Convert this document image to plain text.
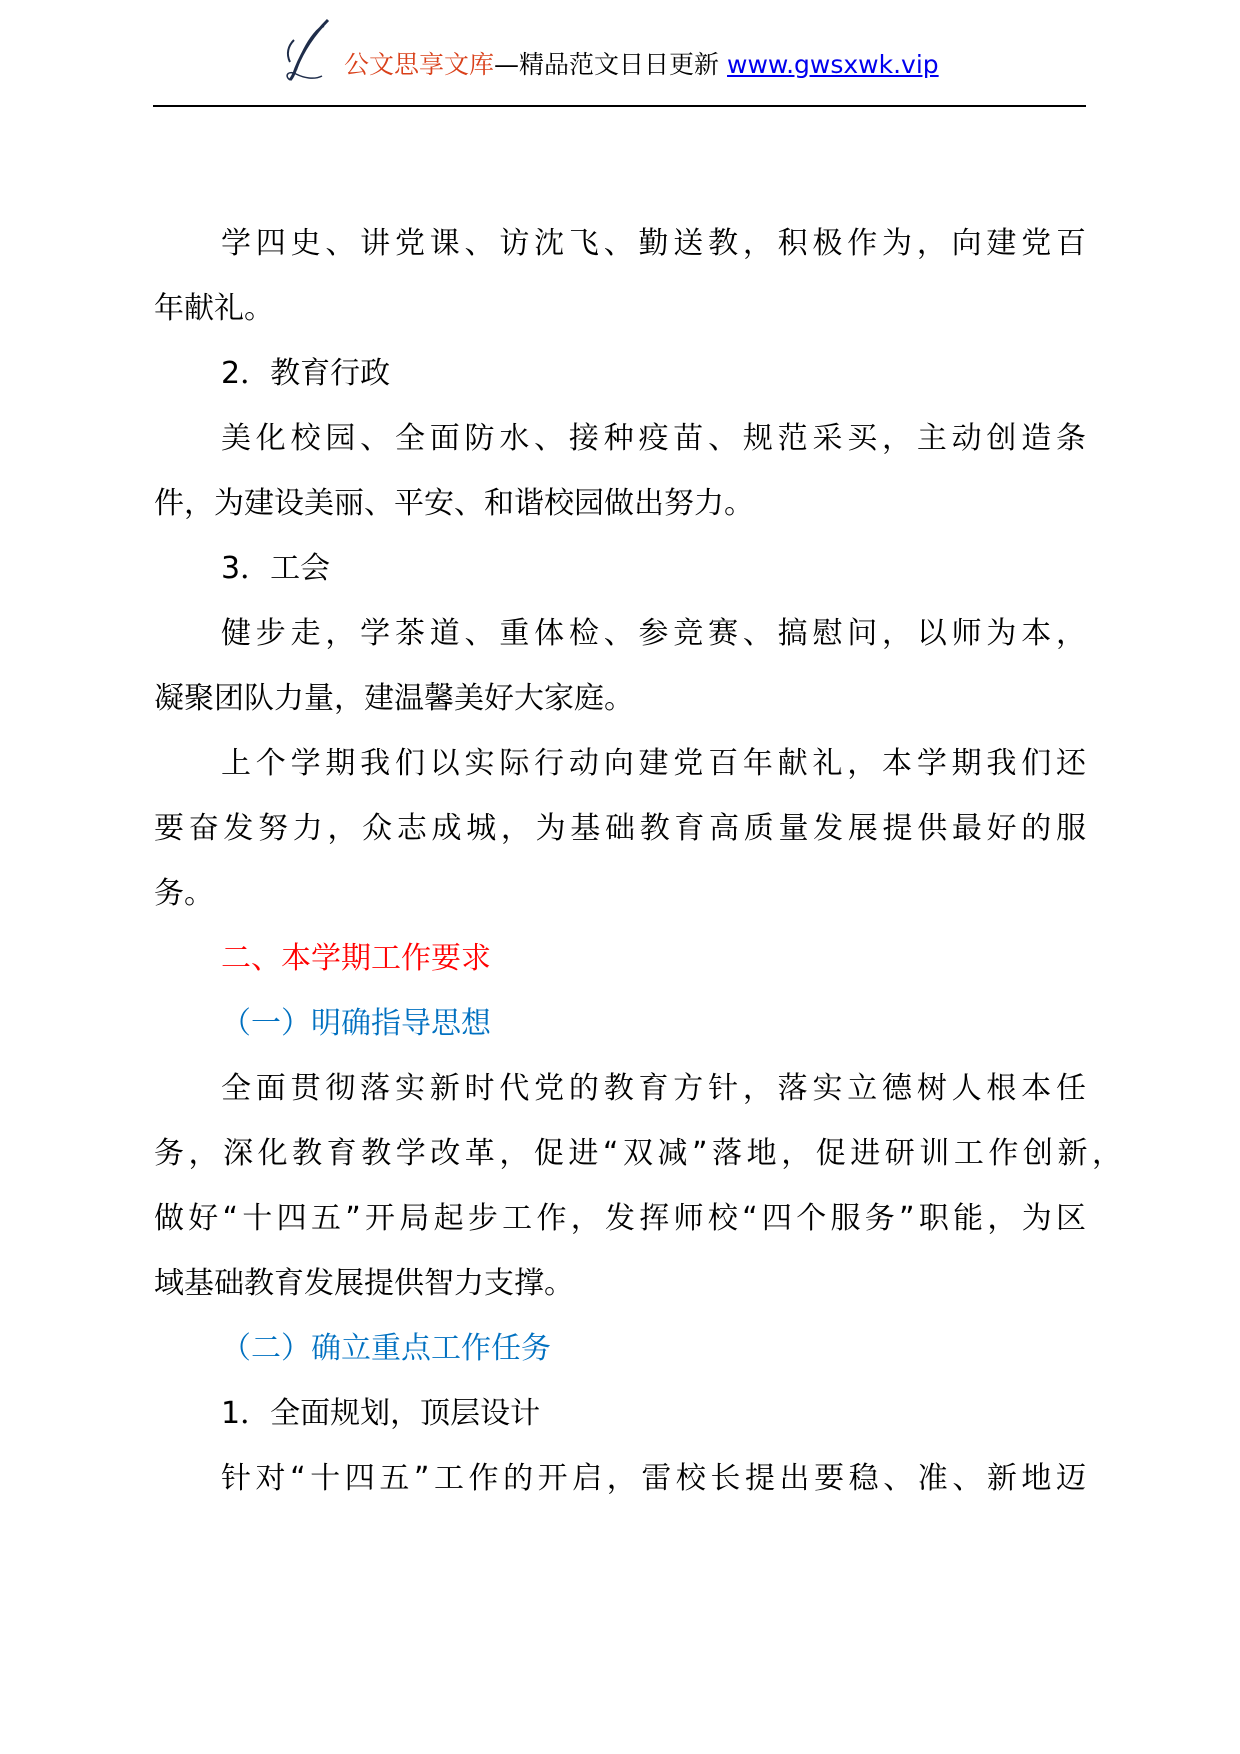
公文思享文库—精品范文日日更新 www.gwsxwk.vip
学四史、讲党课、访沈飞、勤送教，积极作为，向建党百
年献礼。
2．教育行政
美化校园、全面防水、接种疫苗、规范采买，主动创造条
件，为建设美丽、平安、和谐校园做出努力。
3．工会
健步走，学茶道、重体检、参竞赛、搞慰问，以师为本，
凝聚团队力量，建温馨美好大家庭。
上个学期我们以实际行动向建党百年献礼，本学期我们还
要奋发努力，众志成城，为基础教育高质量发展提供最好的服
务。
二、本学期工作要求
（一）明确指导思想
全面贯彻落实新时代党的教育方针，落实立德树人根本任
务，深化教育教学改革，促进“双减”落地，促进研训工作创新，
做好“十四五”开局起步工作，发挥师校“四个服务”职能，为区
域基础教育发展提供智力支撑。
（二）确立重点工作任务
1．全面规划，顶层设计
针对“十四五”工作的开启，雷校长提出要稳、准、新地迈
